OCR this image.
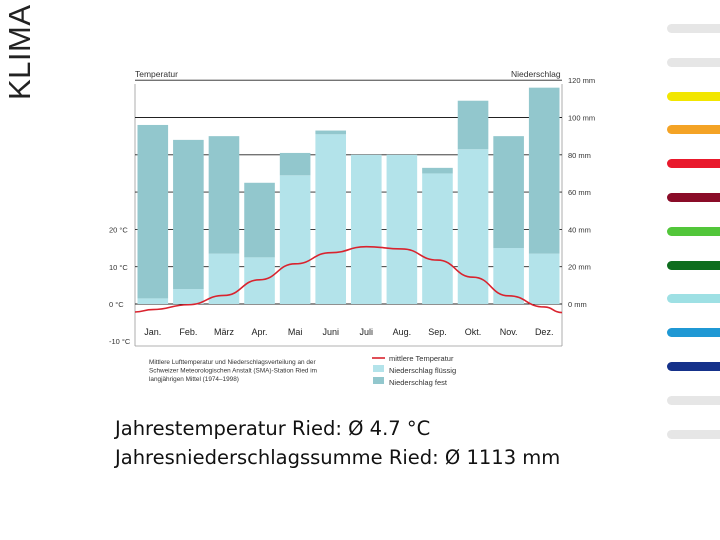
KLIMA
20 °C
10 °C
0 °C
-10 °C
120 mm
100 mm
80 mm
60 mm
40 mm
20 mm
0 mm
Jan. Feb. März Apr. Mai Juni Juli Aug. Sep. Okt. Nov. Dez.
Temperatur	Niederschlag
Mittlere Lufttemperatur und Niederschlagsverteilung an der
Schweizer Meteorologischen Anstalt (SMA)-Station Ried im
langjährigen Mittel (1974–1998)
mittlere Temperatur
Niederschlag flüssig
Niederschlag fest
Jahrestemperatur Ried: Ø 4.7 °C
Jahresniederschlagssumme Ried: Ø 1113 mm
